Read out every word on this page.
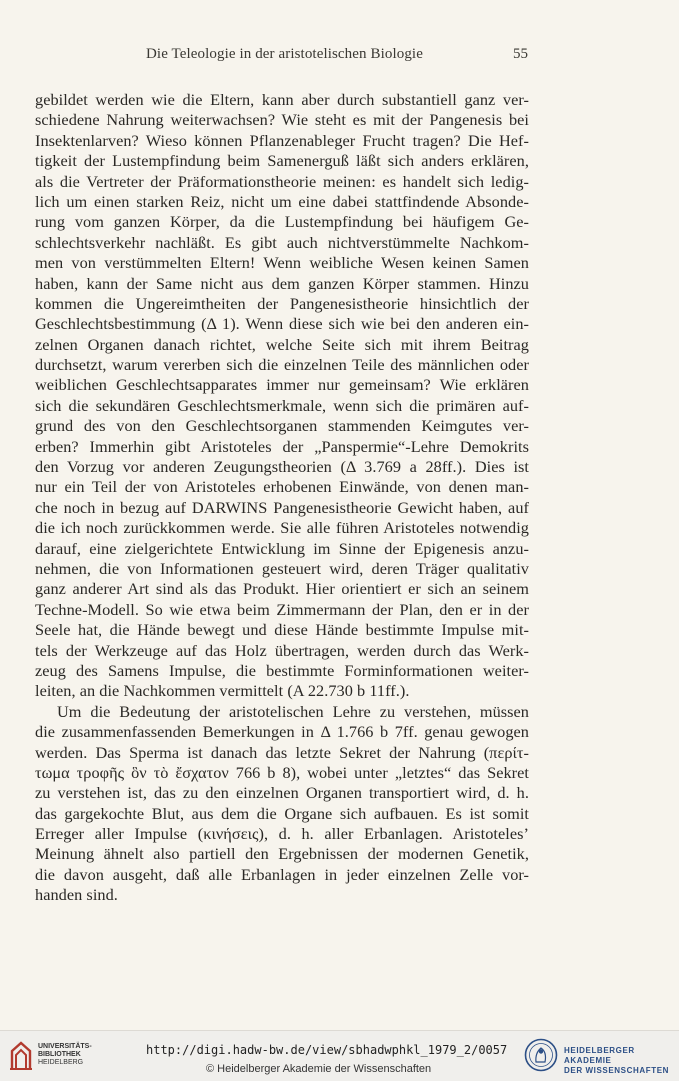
Die Teleologie in der aristotelischen Biologie	55
gebildet werden wie die Eltern, kann aber durch substantiell ganz ver-
schiedene Nahrung weiterwachsen? Wie steht es mit der Pangenesis bei
Insektenlarven? Wieso können Pflanzenableger Frucht tragen? Die Hef-
tigkeit der Lustempfindung beim Samenerguß läßt sich anders erklären,
als die Vertreter der Präformationstheorie meinen: es handelt sich ledig-
lich um einen starken Reiz, nicht um eine dabei stattfindende Absonde-
rung vom ganzen Körper, da die Lustempfindung bei häufigem Ge-
schlechtsverkehr nachläßt. Es gibt auch nichtverstümmelte Nachkom-
men von verstümmelten Eltern! Wenn weibliche Wesen keinen Samen
haben, kann der Same nicht aus dem ganzen Körper stammen. Hinzu
kommen die Ungereimtheiten der Pangenesistheorie hinsichtlich der
Geschlechtsbestimmung (Δ 1). Wenn diese sich wie bei den anderen ein-
zelnen Organen danach richtet, welche Seite sich mit ihrem Beitrag
durchsetzt, warum vererben sich die einzelnen Teile des männlichen oder
weiblichen Geschlechtsapparates immer nur gemeinsam? Wie erklären
sich die sekundären Geschlechtsmerkmale, wenn sich die primären auf-
grund des von den Geschlechtsorganen stammenden Keimgutes ver-
erben? Immerhin gibt Aristoteles der „Panspermie“-Lehre Demokrits
den Vorzug vor anderen Zeugungstheorien (Δ 3.769 a 28ff.). Dies ist
nur ein Teil der von Aristoteles erhobenen Einwände, von denen man-
che noch in bezug auf DARWINS Pangenesistheorie Gewicht haben, auf
die ich noch zurückkommen werde. Sie alle führen Aristoteles notwendig
darauf, eine zielgerichtete Entwicklung im Sinne der Epigenesis anzu-
nehmen, die von Informationen gesteuert wird, deren Träger qualitativ
ganz anderer Art sind als das Produkt. Hier orientiert er sich an seinem
Techne-Modell. So wie etwa beim Zimmermann der Plan, den er in der
Seele hat, die Hände bewegt und diese Hände bestimmte Impulse mit-
tels der Werkzeuge auf das Holz übertragen, werden durch das Werk-
zeug des Samens Impulse, die bestimmte Forminformationen weiter-
leiten, an die Nachkommen vermittelt (A 22.730 b 11ff.).
Um die Bedeutung der aristotelischen Lehre zu verstehen, müssen
die zusammenfassenden Bemerkungen in Δ 1.766 b 7ff. genau gewogen
werden. Das Sperma ist danach das letzte Sekret der Nahrung (περίτ-
τωμα τροφῆς ὃν τὸ ἔσχατον 766 b 8), wobei unter „letztes“ das Sekret
zu verstehen ist, das zu den einzelnen Organen transportiert wird, d. h.
das gargekochte Blut, aus dem die Organe sich aufbauen. Es ist somit
Erreger aller Impulse (κινήσεις), d. h. aller Erbanlagen. Aristoteles’
Meinung ähnelt also partiell den Ergebnissen der modernen Genetik,
die davon ausgeht, daß alle Erbanlagen in jeder einzelnen Zelle vor-
handen sind.
UNIVERSITÄTS-
BIBLIOTHEK
HEIDELBERG
http://digi.hadw-bw.de/view/sbhadwphkl_1979_2/0057
© Heidelberger Akademie der Wissenschaften
HEIDELBERGER AKADEMIE
DER WISSENSCHAFTEN
